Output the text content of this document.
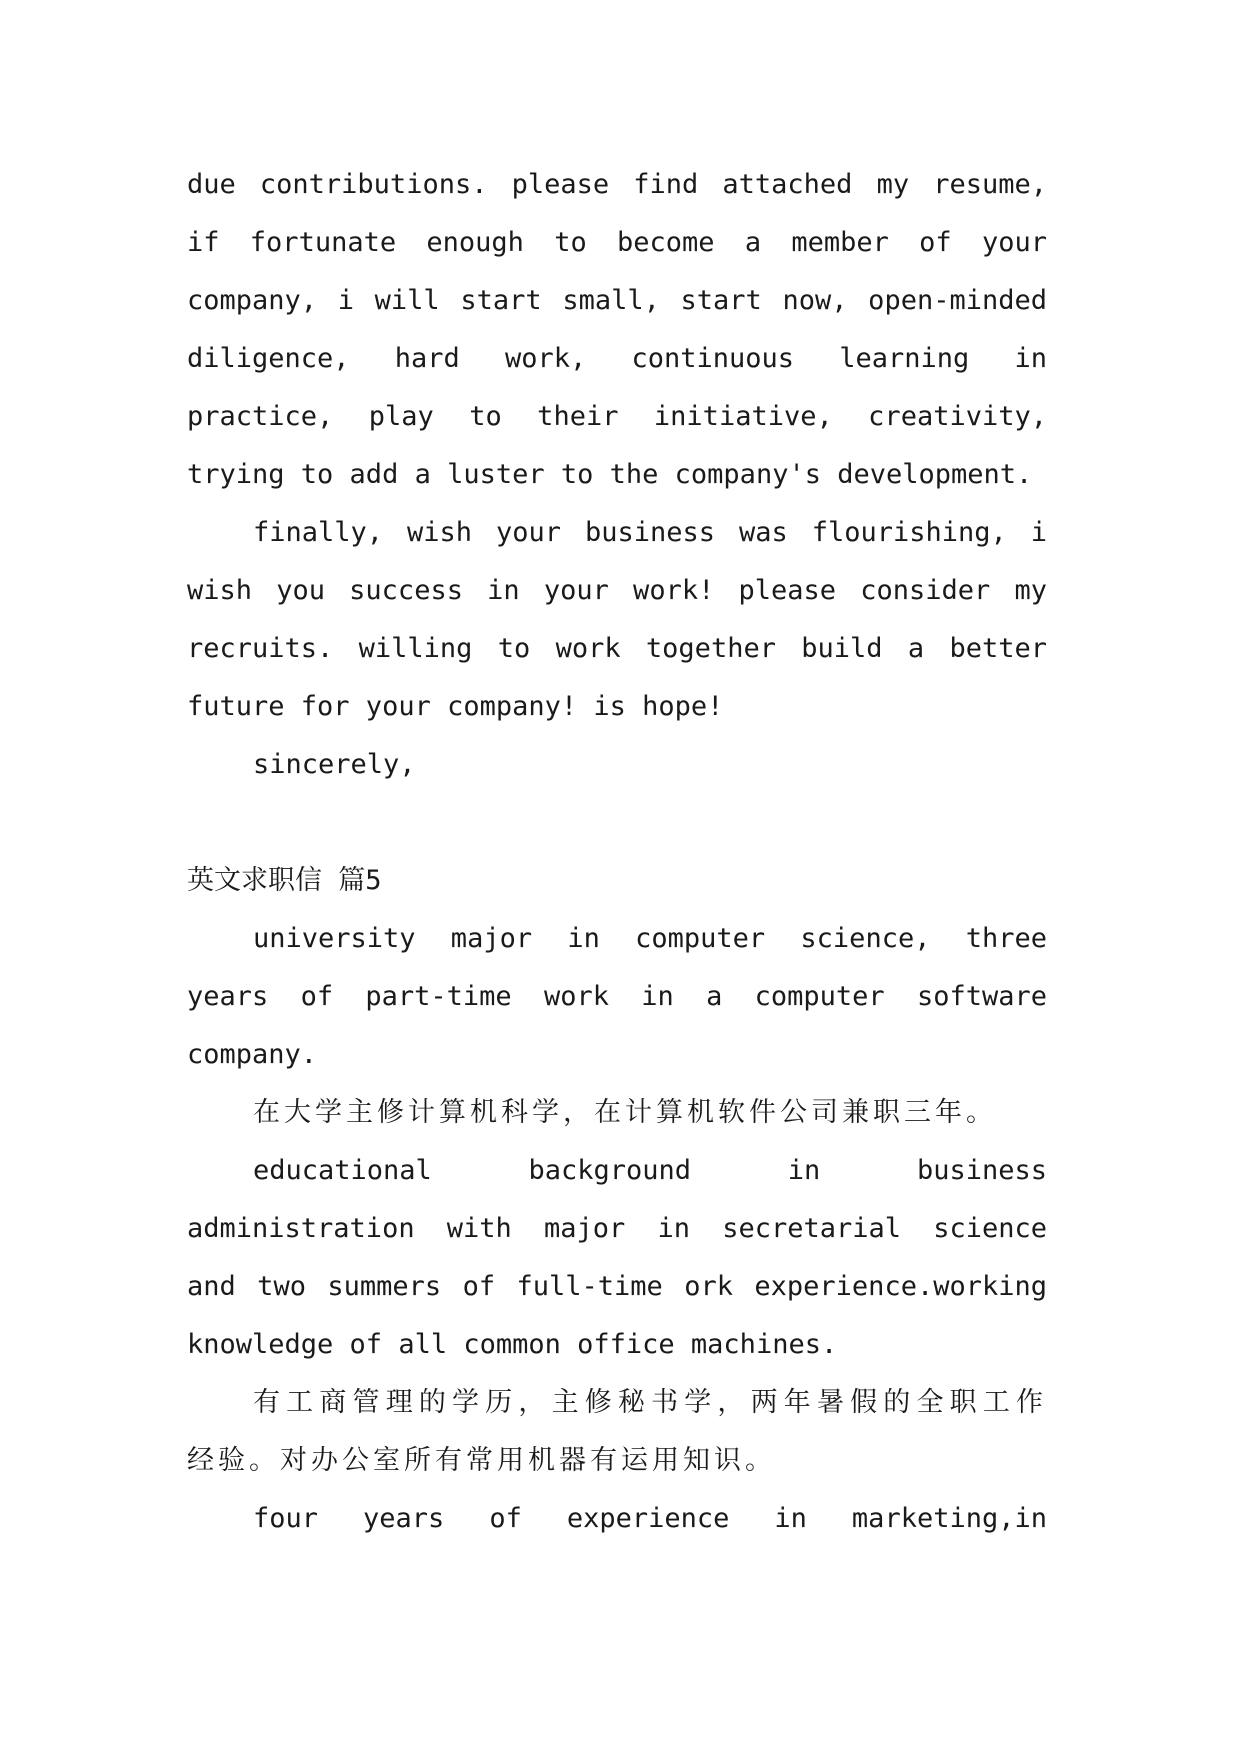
due contributions. please find attached my resume,
if fortunate enough to become a member of your
company, i will start small, start now, open-minded
diligence, hard work, continuous learning in
practice, play to their initiative, creativity,
trying to add a luster to the company's development.
finally, wish your business was flourishing, i
wish you success in your work! please consider my
recruits. willing to work together build a better
future for your company! is hope!
sincerely,
英文求职信 篇5
university major in computer science, three
years of part-time work in a computer software
company.
在大学主修计算机科学，在计算机软件公司兼职三年。
educational background in business
administration with major in secretarial science
and two summers of full-time ork experience.working
knowledge of all common office machines.
有工商管理的学历，主修秘书学，两年暑假的全职工作
经验。对办公室所有常用机器有运用知识。
four years of experience in marketing,in
